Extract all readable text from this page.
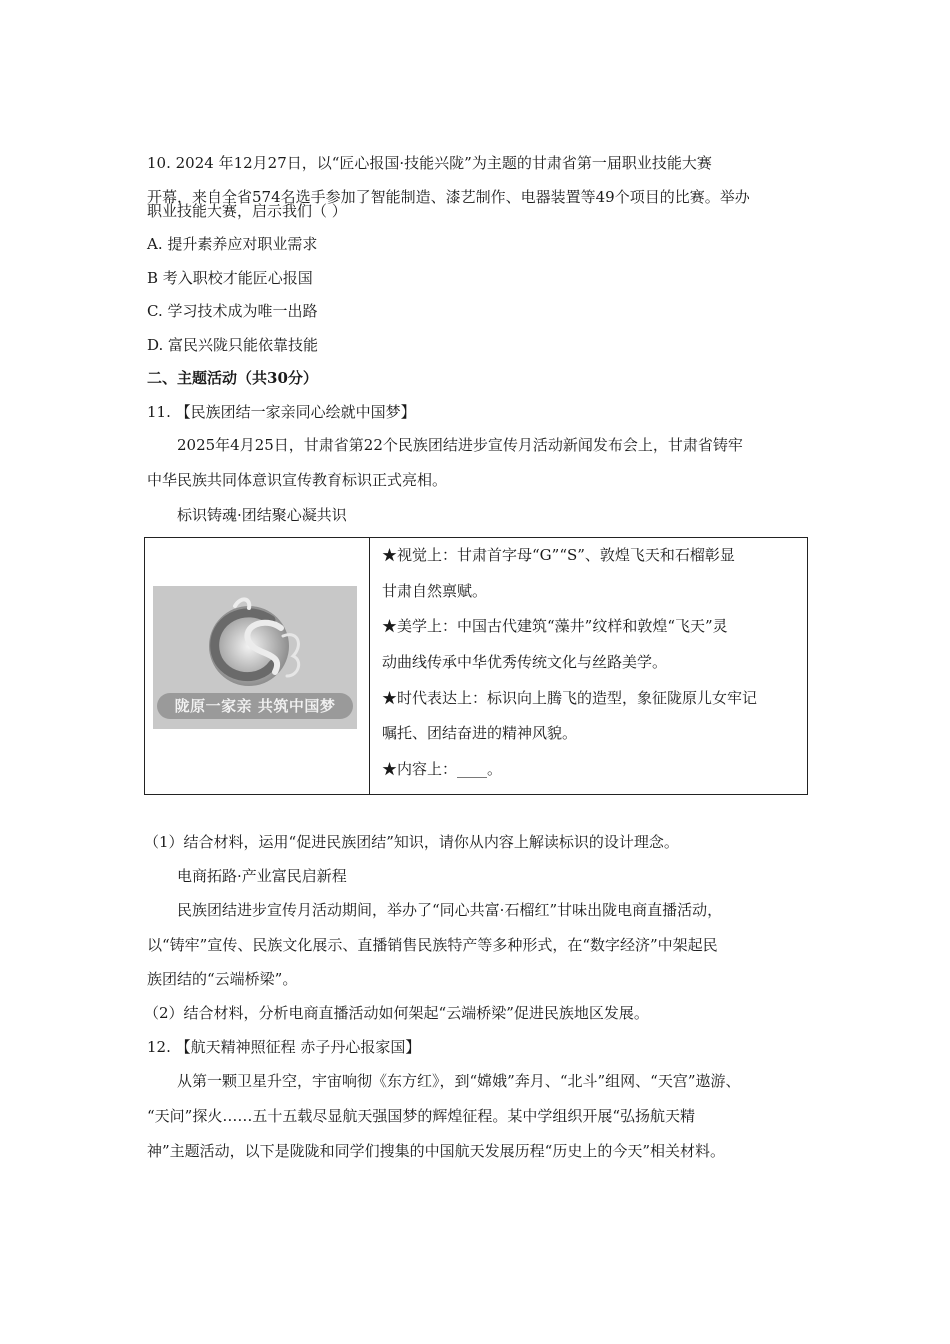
10. 2024 年12月27日，以“匠心报国·技能兴陇”为主题的甘肃省第一届职业技能大赛
开幕，来自全省574名选手参加了智能制造、漆艺制作、电器装置等49个项目的比赛。举办
职业技能大赛，启示我们（ ）
A. 提升素养应对职业需求
B 考入职校才能匠心报国
C. 学习技术成为唯一出路
D. 富民兴陇只能依靠技能
二、主题活动（共30分）
11. 【民族团结一家亲同心绘就中国梦】
2025年4月25日，甘肃省第22个民族团结进步宣传月活动新闻发布会上，甘肃省铸牢
中华民族共同体意识宣传教育标识正式亮相。
标识铸魂·团结聚心凝共识
陇原一家亲 共筑中国梦
★视觉上：甘肃首字母“G”“S”、敦煌飞天和石榴彰显
甘肃自然禀赋。
★美学上：中国古代建筑“藻井”纹样和敦煌“飞天”灵
动曲线传承中华优秀传统文化与丝路美学。
★时代表达上：标识向上腾飞的造型，象征陇原儿女牢记
嘱托、团结奋进的精神风貌。
★内容上：____。
（1）结合材料，运用“促进民族团结”知识，请你从内容上解读标识的设计理念。
电商拓路·产业富民启新程
民族团结进步宣传月活动期间，举办了“同心共富·石榴红”甘味出陇电商直播活动，
以“铸牢”宣传、民族文化展示、直播销售民族特产等多种形式，在“数字经济”中架起民
族团结的“云端桥梁”。
（2）结合材料，分析电商直播活动如何架起“云端桥梁”促进民族地区发展。
12. 【航天精神照征程 赤子丹心报家国】
从第一颗卫星升空，宇宙响彻《东方红》，到“嫦娥”奔月、“北斗”组网、“天宫”遨游、
“天问”探火……五十五载尽显航天强国梦的辉煌征程。某中学组织开展“弘扬航天精
神”主题活动，以下是陇陇和同学们搜集的中国航天发展历程“历史上的今天”相关材料。
